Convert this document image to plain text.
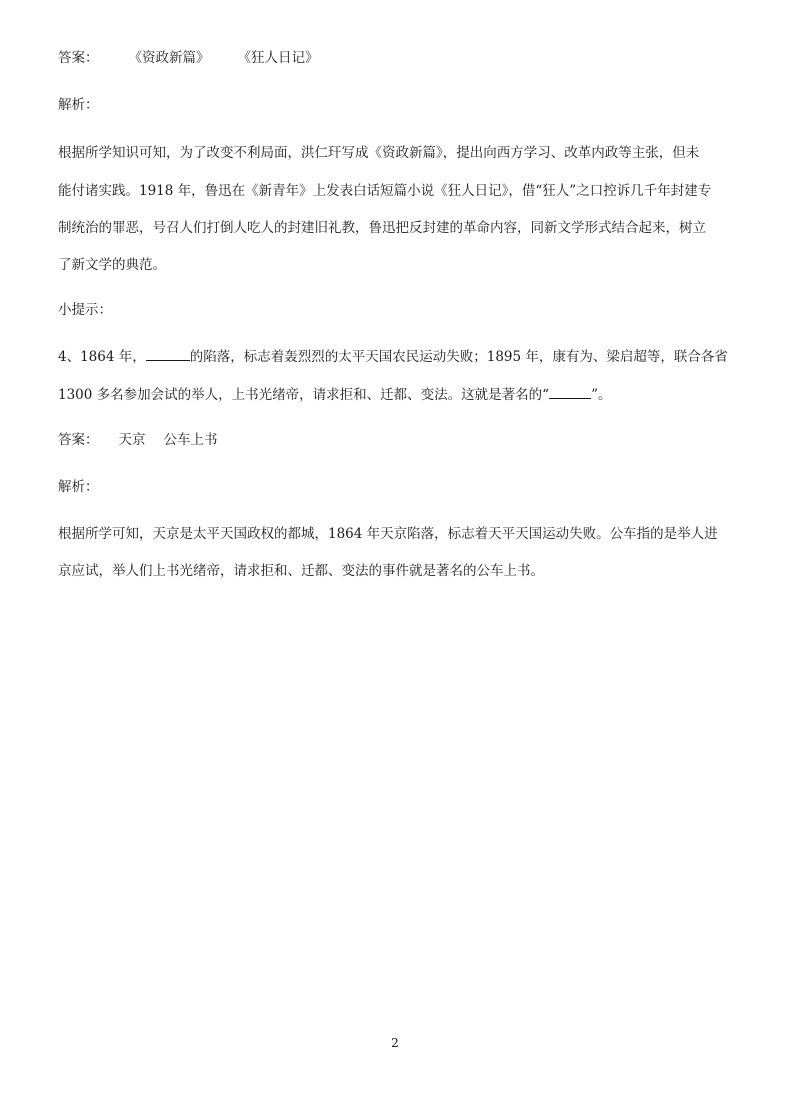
答案： 《资政新篇》 《狂人日记》
解析：
根据所学知识可知，为了改变不利局面，洪仁玕写成《资政新篇》，提出向西方学习、改革内政等主张，但未
能付诸实践。1918 年，鲁迅在《新青年》上发表白话短篇小说《狂人日记》，借“狂人”之口控诉几千年封建专
制统治的罪恶，号召人们打倒人吃人的封建旧礼教，鲁迅把反封建的革命内容，同新文学形式结合起来，树立
了新文学的典范。
小提示：
4、1864 年，	的陷落，标志着轰烈烈的太平天国农民运动失败；1895 年，康有为、梁启超等，联合各省
1300 多名参加会试的举人，上书光绪帝，请求拒和、迁都、变法。这就是著名的“	”。
答案： 天京 公车上书
解析：
根据所学可知，天京是太平天国政权的都城，1864 年天京陷落，标志着天平天国运动失败。公车指的是举人进
京应试，举人们上书光绪帝，请求拒和、迁都、变法的事件就是著名的公车上书。
2
